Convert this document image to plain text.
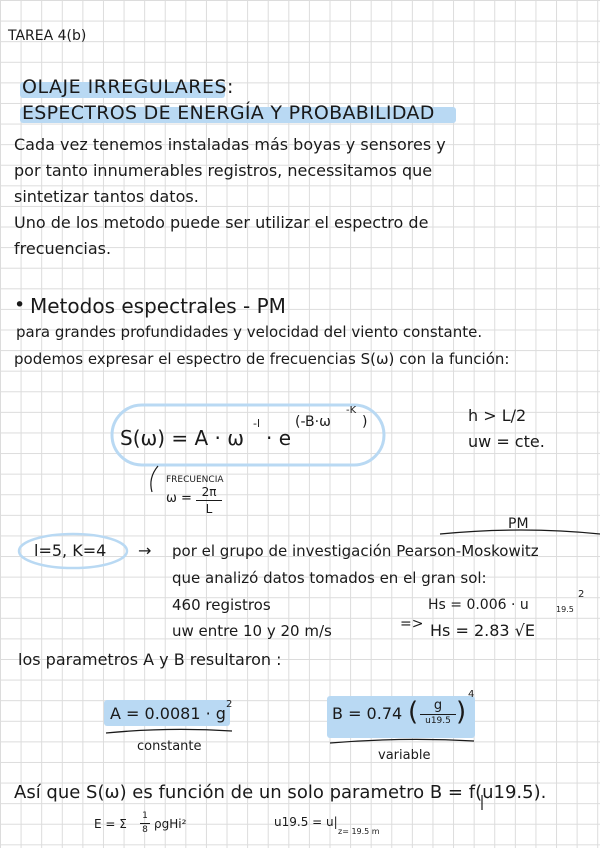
TAREA 4(b)
OLAJE IRREGULARES:
ESPECTROS DE ENERGÍA Y PROBABILIDAD
Cada vez tenemos instaladas más boyas y sensores y
por tanto innumerables registros, necessitamos que
sintetizar tantos datos.
Uno de los metodo puede ser utilizar el espectro de
frecuencias.
• Metodos espectrales - PM
para grandes profundidades y velocidad del viento constante.
podemos expresar el espectro de frecuencias S(ω) con la función:
S(ω) = A · ω
-l
· e
(-B·ω
-K
)	h > L/2
uw = cte.
FRECUENCIA
ω = 2π
L
l=5, K=4 →
PM
por el grupo de investigación Pearson-Moskowitz
que analizó datos tomados en el gran sol:
460 registros
uw entre 10 y 20 m/s
Hs = 0.006 · u	19.5
2
=> Hs = 2.83 √E
los parametros A y B resultaron :
A = 0.0081 · g 2
constante
B = 0.74 (	g
u19.5 )
4
variable
Así que S(ω) es función de un solo parametro B = f(u19.5).
E = Σ
1
8 ρgHi²	u19.5 = u|
z= 19.5 m
